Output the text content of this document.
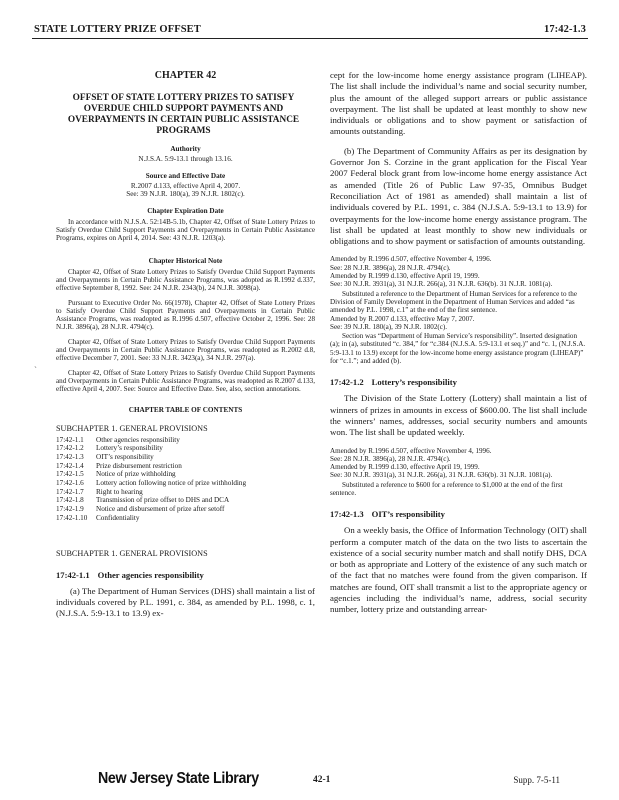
STATE LOTTERY PRIZE OFFSET	17:42-1.3
`

CHAPTER 42

OFFSET OF STATE LOTTERY PRIZES TO SATISFY OVERDUE CHILD SUPPORT PAYMENTS AND OVERPAYMENTS IN CERTAIN PUBLIC ASSISTANCE PROGRAMS

Authority

N.J.S.A. 5:9-13.1 through 13.16.

Source and Effective Date

R.2007 d.133, effective April 4, 2007.

See: 39 N.J.R. 180(a), 39 N.J.R. 1802(c).

Chapter Expiration Date

In accordance with N.J.S.A. 52:14B-5.1b, Chapter 42, Offset of State Lottery Prizes to Satisfy Overdue Child Support Payments and Overpayments in Certain Public Assistance Programs, expires on April 4, 2014. See: 43 N.J.R. 1203(a).

Chapter Historical Note

Chapter 42, Offset of State Lottery Prizes to Satisfy Overdue Child Support Payments and Overpayments in Certain Public Assistance Programs, was adopted as R.1992 d.337, effective September 8, 1992. See: 24 N.J.R. 2343(b), 24 N.J.R. 3098(a).

Pursuant to Executive Order No. 66(1978), Chapter 42, Offset of State Lottery Prizes to Satisfy Overdue Child Support Payments and Overpayments in Certain Public Assistance Programs, was readopted as R.1996 d.507, effective October 2, 1996. See: 28 N.J.R. 3896(a), 28 N.J.R. 4794(c).

Chapter 42, Offset of State Lottery Prizes to Satisfy Overdue Child Support Payments and Overpayments in Certain Public Assistance Programs, was readopted as R.2002 d.8, effective December 7, 2001. See: 33 N.J.R. 3423(a), 34 N.J.R. 297(a).

Chapter 42, Offset of State Lottery Prizes to Satisfy Overdue Child Support Payments and Overpayments in Certain Public Assistance Programs, was readopted as R.2007 d.133, effective April 4, 2007. See: Source and Effective Date. See, also, section annotations.

CHAPTER TABLE OF CONTENTS

SUBCHAPTER 1. GENERAL PROVISIONS

17:42-1.1	Other agencies responsibility
17:42-1.2	Lottery’s responsibility
17:42-1.3	OIT’s responsibility
17:42-1.4	Prize disbursement restriction
17:42-1.5	Notice of prize withholding
17:42-1.6	Lottery action following notice of prize withholding
17:42-1.7	Right to hearing
17:42-1.8	Transmission of prize offset to DHS and DCA
17:42-1.9	Notice and disbursement of prize after setoff
17:42-1.10	Confidentiality

SUBCHAPTER 1. GENERAL PROVISIONS

17:42-1.1 Other agencies responsibility

(a) The Department of Human Services (DHS) shall maintain a list of individuals covered by P.L. 1991, c. 384, as amended by P.L. 1998, c. 1, (N.J.S.A. 5:9-13.1 to 13.9) ex-

cept for the low-income home energy assistance program (LIHEAP). The list shall include the individual’s name and social security number, plus the amount of the alleged support arrears or public assistance overpayment. The list shall be updated at least monthly to show new individuals or obligations and to show payment or satisfaction of amounts outstanding.

(b) The Department of Community Affairs as per its designation by Governor Jon S. Corzine in the grant application for the Fiscal Year 2007 Federal block grant from low-income home energy assistance Act as amended (Title 26 of Public Law 97-35, Omnibus Budget Reconciliation Act of 1981 as amended) shall maintain a list of individuals covered by P.L. 1991, c. 384 (N.J.S.A. 5:9-13.1 to 13.9) for overpayments for the low-income home energy assistance program. The list shall be updated at least monthly to show new individuals or obligations and to show payment or satisfaction of amounts outstanding.

Amended by R.1996 d.507, effective November 4, 1996.

See: 28 N.J.R. 3896(a), 28 N.J.R. 4794(c).

Amended by R.1999 d.130, effective April 19, 1999.

See: 30 N.J.R. 3931(a), 31 N.J.R. 266(a), 31 N.J.R. 636(b). 31 N.J.R. 1081(a).

Substituted a reference to the Department of Human Services for a reference to the Division of Family Development in the Department of Human Services and added “as amended by P.L. 1998, c.1” at the end of the first sentence.

Amended by R.2007 d.133, effective May 7, 2007.

See: 39 N.J.R. 180(a), 39 N.J.R. 1802(c).

Section was “Department of Human Service’s responsibility”. Inserted designation (a); in (a), substituted “c. 384,” for “c.384 (N.J.S.A. 5:9-13.1 et seq.)” and “c. 1, (N.J.S.A. 5:9-13.1 to 13.9) except for the low-income home energy assistance program (LIHEAP)” for “c.1.”; and added (b).

17:42-1.2 Lottery’s responsibility

The Division of the State Lottery (Lottery) shall maintain a list of winners of prizes in amounts in excess of $600.00. The list shall include the winners’ names, addresses, social security numbers and amounts won. The list shall be updated weekly.

Amended by R.1996 d.507, effective November 4, 1996.

See: 28 N.J.R. 3896(a), 28 N.J.R. 4794(c).

Amended by R.1999 d.130, effective April 19, 1999.

See: 30 N.J.R. 3931(a), 31 N.J.R. 266(a), 31 N.J.R. 636(b). 31 N.J.R. 1081(a).

Substituted a reference to $600 for a reference to $1,000 at the end of the first sentence.

17:42-1.3 OIT’s responsibility

On a weekly basis, the Office of Information Technology (OIT) shall perform a computer match of the data on the two lists to ascertain the existence of a social security number match and shall notify DHS, DCA or both as appropriate and Lottery of the existence of any such match or of the fact that no matches were found from the given comparison. If matches are found, OIT shall transmit a list to the appropriate agency or agencies including the individual’s name, address, social security number, lottery prize and outstanding arrear-

New Jersey State Library	42-1	Supp. 7-5-11
